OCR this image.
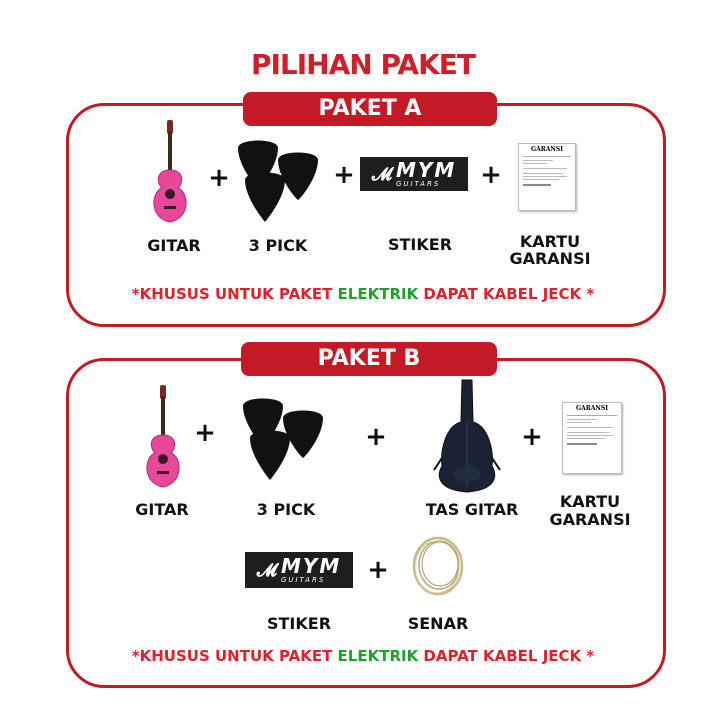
PILIHAN PAKET
PAKET A
+	+ 𝓜 MYM
GUITARS	+
GARANSI
GITAR	3 PICK	STIKER	KARTU
GARANSI
*KHUSUS UNTUK PAKET ELEKTRIK DAPAT KABEL JECK *
PAKET B
+	+	+
GARANSI
GITAR	3 PICK	TAS GITAR	KARTU
GARANSI
𝓜 MYM
GUITARS	+
STIKER	SENAR
*KHUSUS UNTUK PAKET ELEKTRIK DAPAT KABEL JECK *
